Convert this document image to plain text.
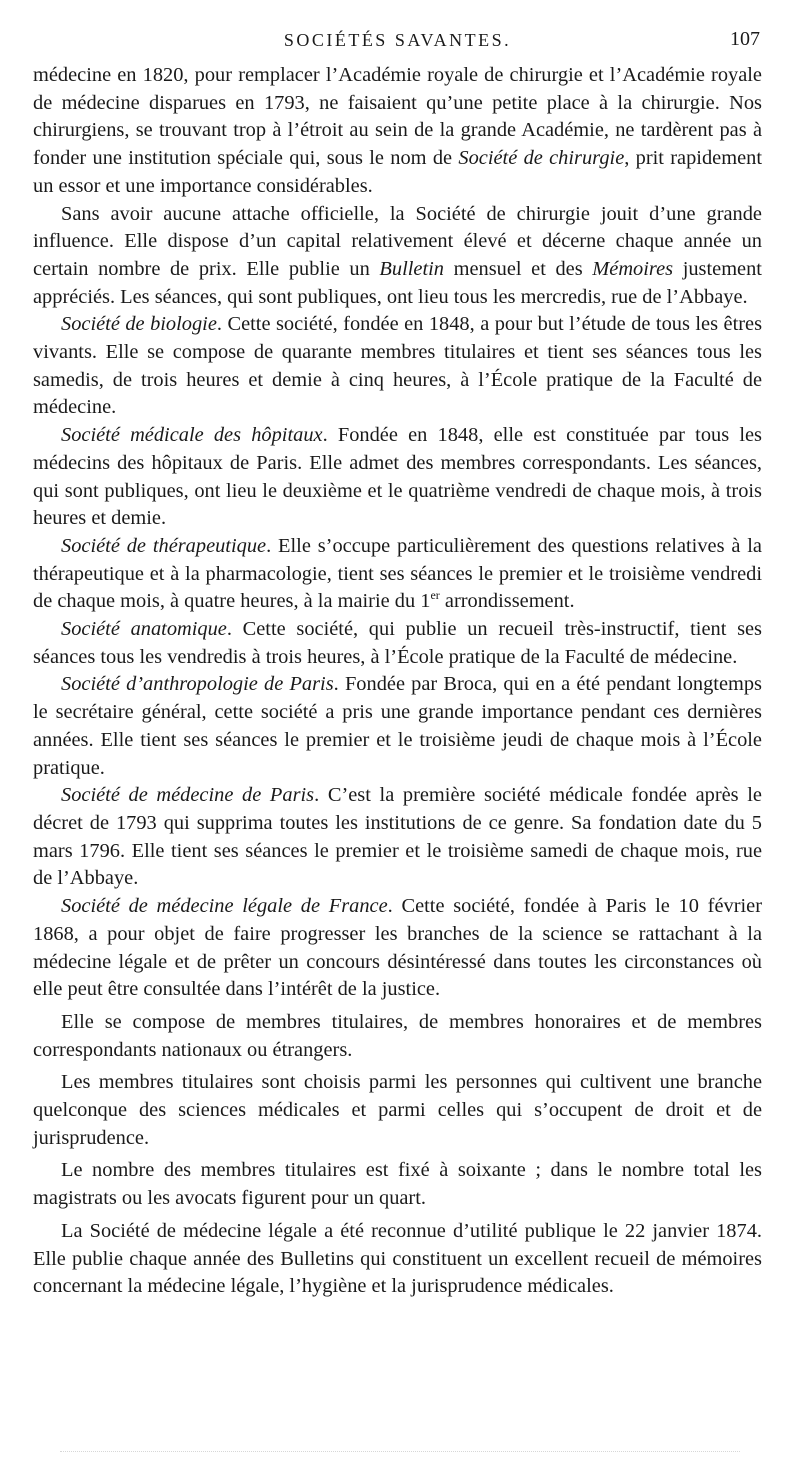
SOCIÉTÉS SAVANTES.	107

médecine en 1820, pour remplacer l’Académie royale de chirurgie et l’Académie royale de médecine disparues en 1793, ne faisaient qu’une petite place à la chirurgie. Nos chirurgiens, se trouvant trop à l’étroit au sein de la grande Académie, ne tardèrent pas à fonder une institution spéciale qui, sous le nom de Société de chirurgie, prit rapidement un essor et une importance considérables.

Sans avoir aucune attache officielle, la Société de chirurgie jouit d’une grande influence. Elle dispose d’un capital relativement élevé et décerne chaque année un certain nombre de prix. Elle publie un Bulletin mensuel et des Mémoires justement appréciés. Les séances, qui sont publiques, ont lieu tous les mercredis, rue de l’Abbaye.

Société de biologie. Cette société, fondée en 1848, a pour but l’étude de tous les êtres vivants. Elle se compose de quarante membres titulaires et tient ses séances tous les samedis, de trois heures et demie à cinq heures, à l’École pratique de la Faculté de médecine.

Société médicale des hôpitaux. Fondée en 1848, elle est constituée par tous les médecins des hôpitaux de Paris. Elle admet des membres correspondants. Les séances, qui sont publiques, ont lieu le deuxième et le quatrième vendredi de chaque mois, à trois heures et demie.

Société de thérapeutique. Elle s’occupe particulièrement des questions relatives à la thérapeutique et à la pharmacologie, tient ses séances le premier et le troisième vendredi de chaque mois, à quatre heures, à la mairie du 1er arrondissement.

Société anatomique. Cette société, qui publie un recueil très-instructif, tient ses séances tous les vendredis à trois heures, à l’École pratique de la Faculté de médecine.

Société d’anthropologie de Paris. Fondée par Broca, qui en a été pendant longtemps le secrétaire général, cette société a pris une grande importance pendant ces dernières années. Elle tient ses séances le premier et le troisième jeudi de chaque mois à l’École pratique.

Société de médecine de Paris. C’est la première société médicale fondée après le décret de 1793 qui supprima toutes les institutions de ce genre. Sa fondation date du 5 mars 1796. Elle tient ses séances le premier et le troisième samedi de chaque mois, rue de l’Abbaye.

Société de médecine légale de France. Cette société, fondée à Paris le 10 février 1868, a pour objet de faire progresser les branches de la science se rattachant à la médecine légale et de prêter un concours désintéressé dans toutes les circonstances où elle peut être consultée dans l’intérêt de la justice.

Elle se compose de membres titulaires, de membres honoraires et de membres correspondants nationaux ou étrangers.

Les membres titulaires sont choisis parmi les personnes qui cultivent une branche quelconque des sciences médicales et parmi celles qui s’occupent de droit et de jurisprudence.

Le nombre des membres titulaires est fixé à soixante ; dans le nombre total les magistrats ou les avocats figurent pour un quart.

La Société de médecine légale a été reconnue d’utilité publique le 22 janvier 1874. Elle publie chaque année des Bulletins qui constituent un excellent recueil de mémoires concernant la médecine légale, l’hygiène et la jurisprudence médicales.
